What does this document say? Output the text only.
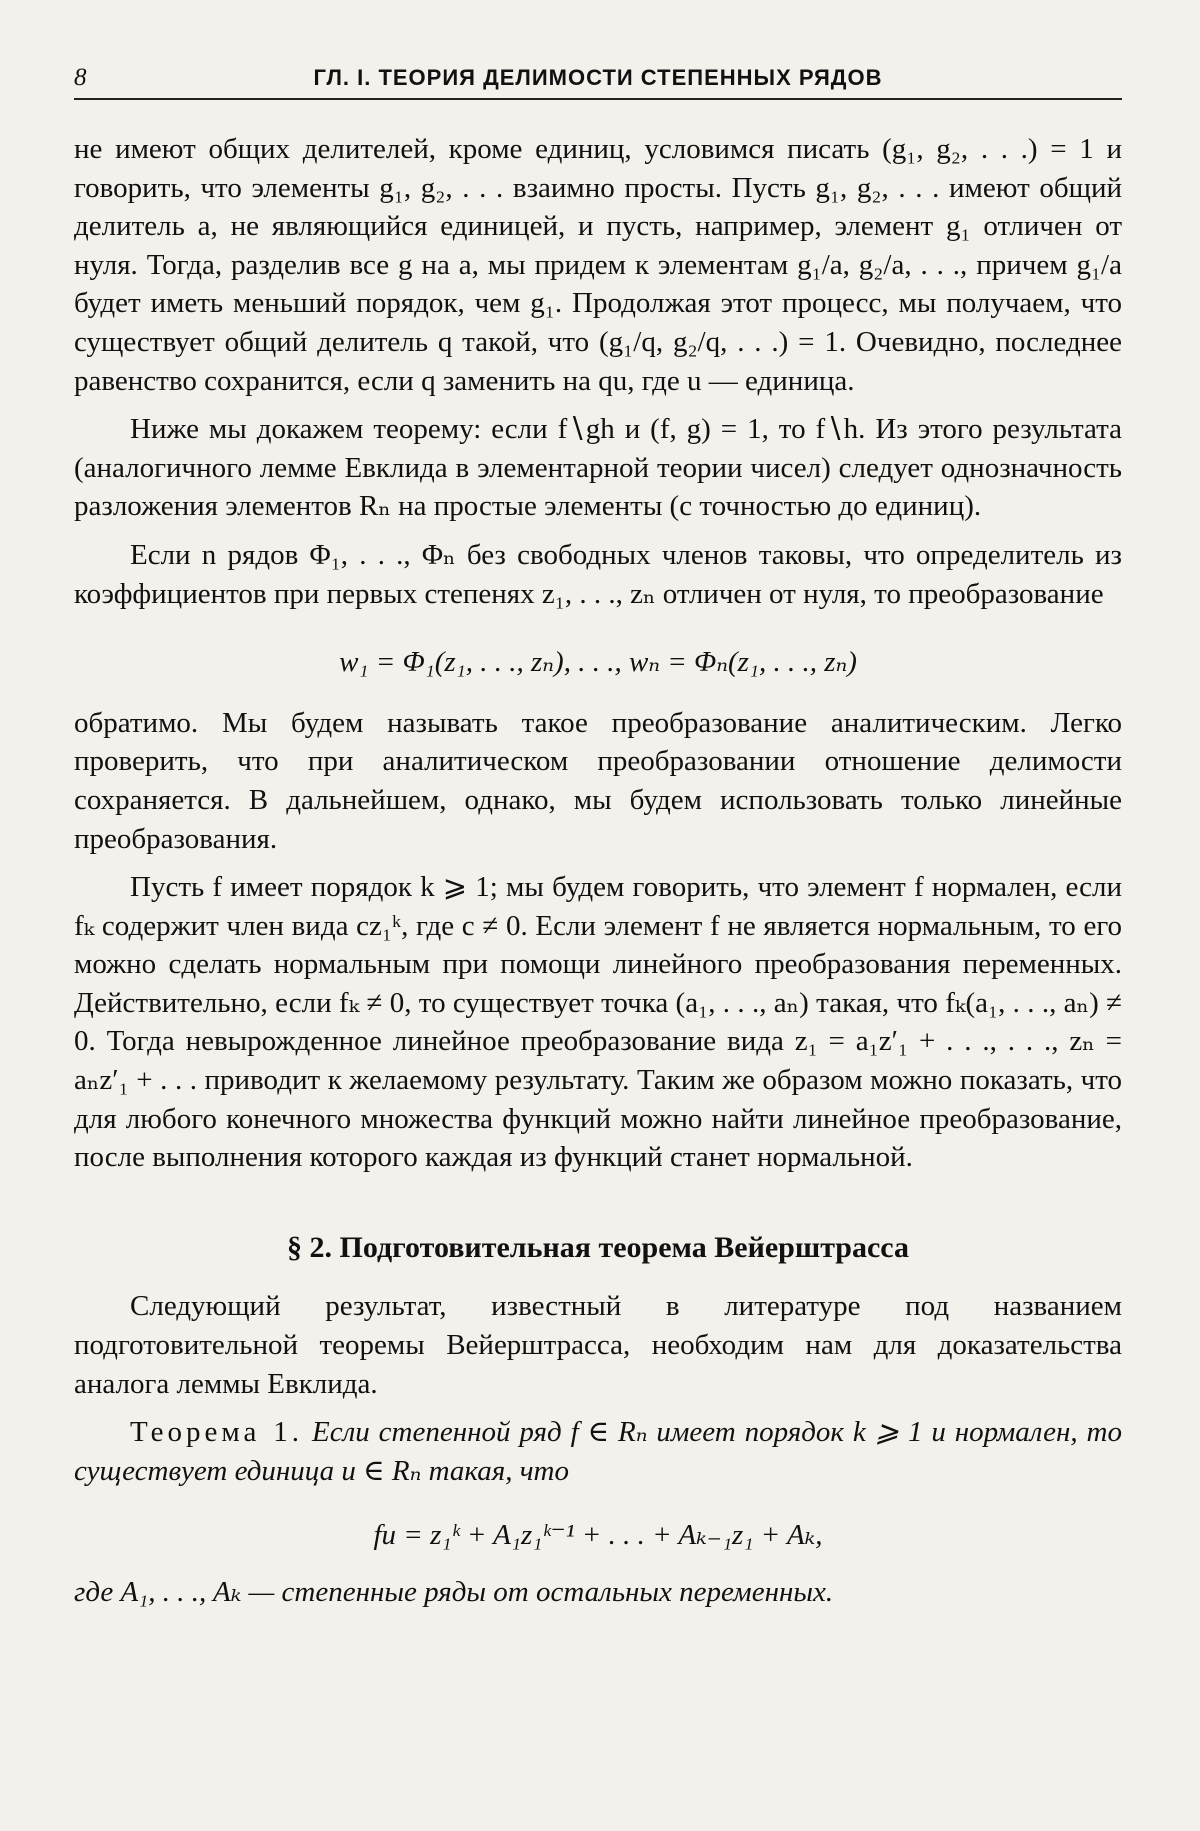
8	ГЛ. I. ТЕОРИЯ ДЕЛИМОСТИ СТЕПЕННЫХ РЯДОВ

не имеют общих делителей, кроме единиц, условимся писать (g₁, g₂, . . .) = 1 и говорить, что элементы g₁, g₂, . . . взаимно просты. Пусть g₁, g₂, . . . имеют общий делитель a, не являющийся единицей, и пусть, например, элемент g₁ отличен от нуля. Тогда, разделив все g на a, мы придем к элементам g₁/a, g₂/a, . . ., причем g₁/a будет иметь меньший порядок, чем g₁. Продолжая этот процесс, мы получаем, что существует общий делитель q такой, что (g₁/q, g₂/q, . . .) = 1. Очевидно, последнее равенство сохранится, если q заменить на qu, где u — единица.

Ниже мы докажем теорему: если f∖gh и (f, g) = 1, то f∖h. Из этого результата (аналогичного лемме Евклида в элементарной теории чисел) следует однозначность разложения элементов Rₙ на простые элементы (с точностью до единиц).

Если n рядов Φ₁, . . ., Φₙ без свободных членов таковы, что определитель из коэффициентов при первых степенях z₁, . . ., zₙ отличен от нуля, то преобразование

w₁ = Φ₁(z₁, . . ., zₙ), . . ., wₙ = Φₙ(z₁, . . ., zₙ)

обратимо. Мы будем называть такое преобразование аналитическим. Легко проверить, что при аналитическом преобразовании отношение делимости сохраняется. В дальнейшем, однако, мы будем использовать только линейные преобразования.

Пусть f имеет порядок k ⩾ 1; мы будем говорить, что элемент f нормален, если fₖ содержит член вида cz₁ᵏ, где c ≠ 0. Если элемент f не является нормальным, то его можно сделать нормальным при помощи линейного преобразования переменных. Действительно, если fₖ ≠ 0, то существует точка (a₁, . . ., aₙ) такая, что fₖ(a₁, . . ., aₙ) ≠ 0. Тогда невырожденное линейное преобразование вида z₁ = a₁z′₁ + . . ., . . ., zₙ = aₙz′₁ + . . . приводит к желаемому результату. Таким же образом можно показать, что для любого конечного множества функций можно найти линейное преобразование, после выполнения которого каждая из функций станет нормальной.

§ 2. Подготовительная теорема Вейерштрасса

Следующий результат, известный в литературе под названием подготовительной теоремы Вейерштрасса, необходим нам для доказательства аналога леммы Евклида.

Теорема 1. Если степенной ряд f ∈ Rₙ имеет порядок k ⩾ 1 и нормален, то существует единица u ∈ Rₙ такая, что

fu = z₁ᵏ + A₁z₁ᵏ⁻¹ + . . . + Aₖ₋₁z₁ + Aₖ,

где A₁, . . ., Aₖ — степенные ряды от остальных переменных.
